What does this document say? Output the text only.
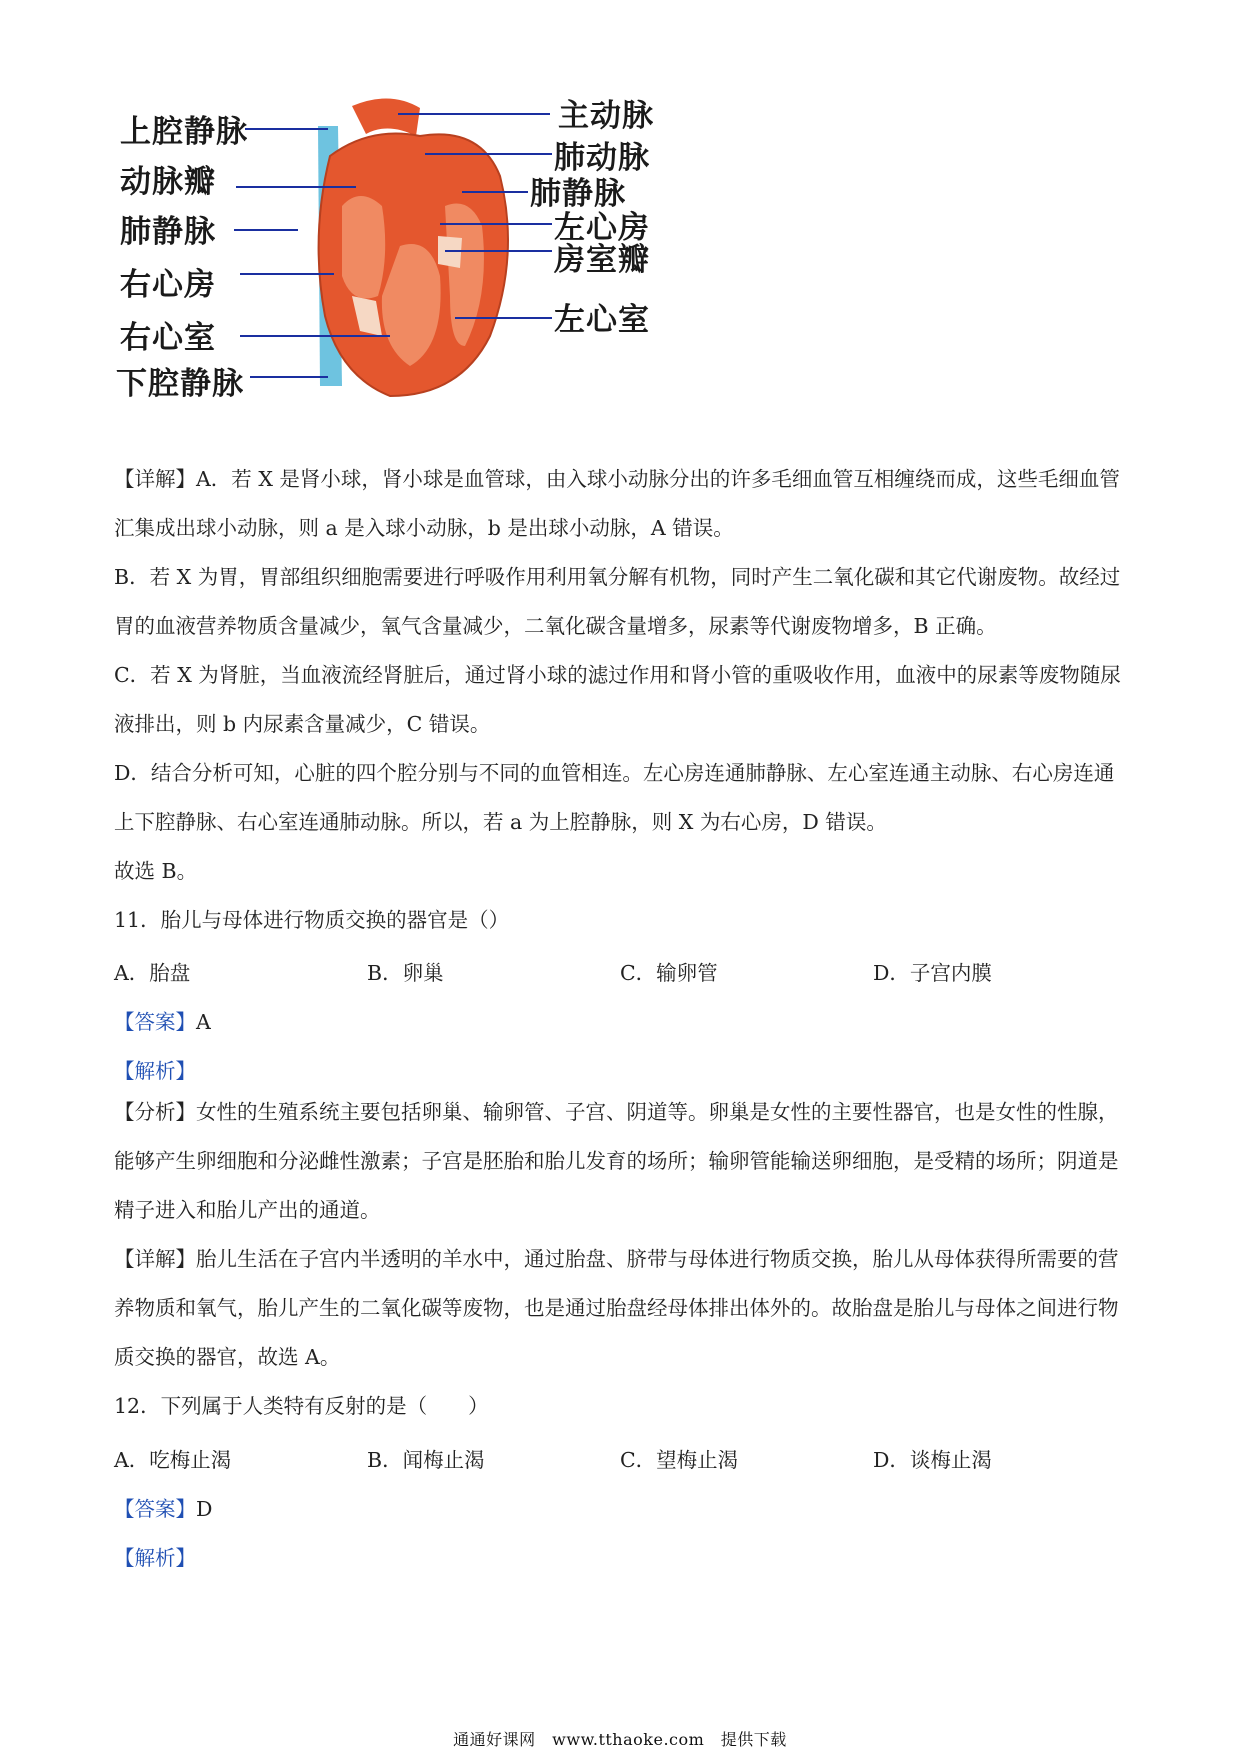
上腔静脉
动脉瓣
肺静脉
右心房
右心室
下腔静脉
主动脉
肺动脉
肺静脉
左心房
房室瓣
左心室

【详解】A．若 X 是肾小球，肾小球是血管球，由入球小动脉分出的许多毛细血管互相缠绕而成，这些毛细血管汇集成出球小动脉，则 a 是入球小动脉，b 是出球小动脉，A 错误。

B．若 X 为胃，胃部组织细胞需要进行呼吸作用利用氧分解有机物，同时产生二氧化碳和其它代谢废物。故经过胃的血液营养物质含量减少，氧气含量减少，二氧化碳含量增多，尿素等代谢废物增多，B 正确。

C．若 X 为肾脏，当血液流经肾脏后，通过肾小球的滤过作用和肾小管的重吸收作用，血液中的尿素等废物随尿液排出，则 b 内尿素含量减少，C 错误。

D．结合分析可知，心脏的四个腔分别与不同的血管相连。左心房连通肺静脉、左心室连通主动脉、右心房连通上下腔静脉、右心室连通肺动脉。所以，若 a 为上腔静脉，则 X 为右心房，D 错误。

故选 B。

11．胎儿与母体进行物质交换的器官是（）

A．胎盘	B．卵巢	C．输卵管	D．子宫内膜
【答案】A
【解析】

【分析】女性的生殖系统主要包括卵巢、输卵管、子宫、阴道等。卵巢是女性的主要性器官，也是女性的性腺，能够产生卵细胞和分泌雌性激素；子宫是胚胎和胎儿发育的场所；输卵管能输送卵细胞，是受精的场所；阴道是精子进入和胎儿产出的通道。

【详解】胎儿生活在子宫内半透明的羊水中，通过胎盘、脐带与母体进行物质交换，胎儿从母体获得所需要的营养物质和氧气，胎儿产生的二氧化碳等废物，也是通过胎盘经母体排出体外的。故胎盘是胎儿与母体之间进行物质交换的器官，故选 A。

12．下列属于人类特有反射的是（　　）

A．吃梅止渴	B．闻梅止渴	C．望梅止渴	D．谈梅止渴
【答案】D
【解析】
通通好课网　www.tthaoke.com　提供下载
